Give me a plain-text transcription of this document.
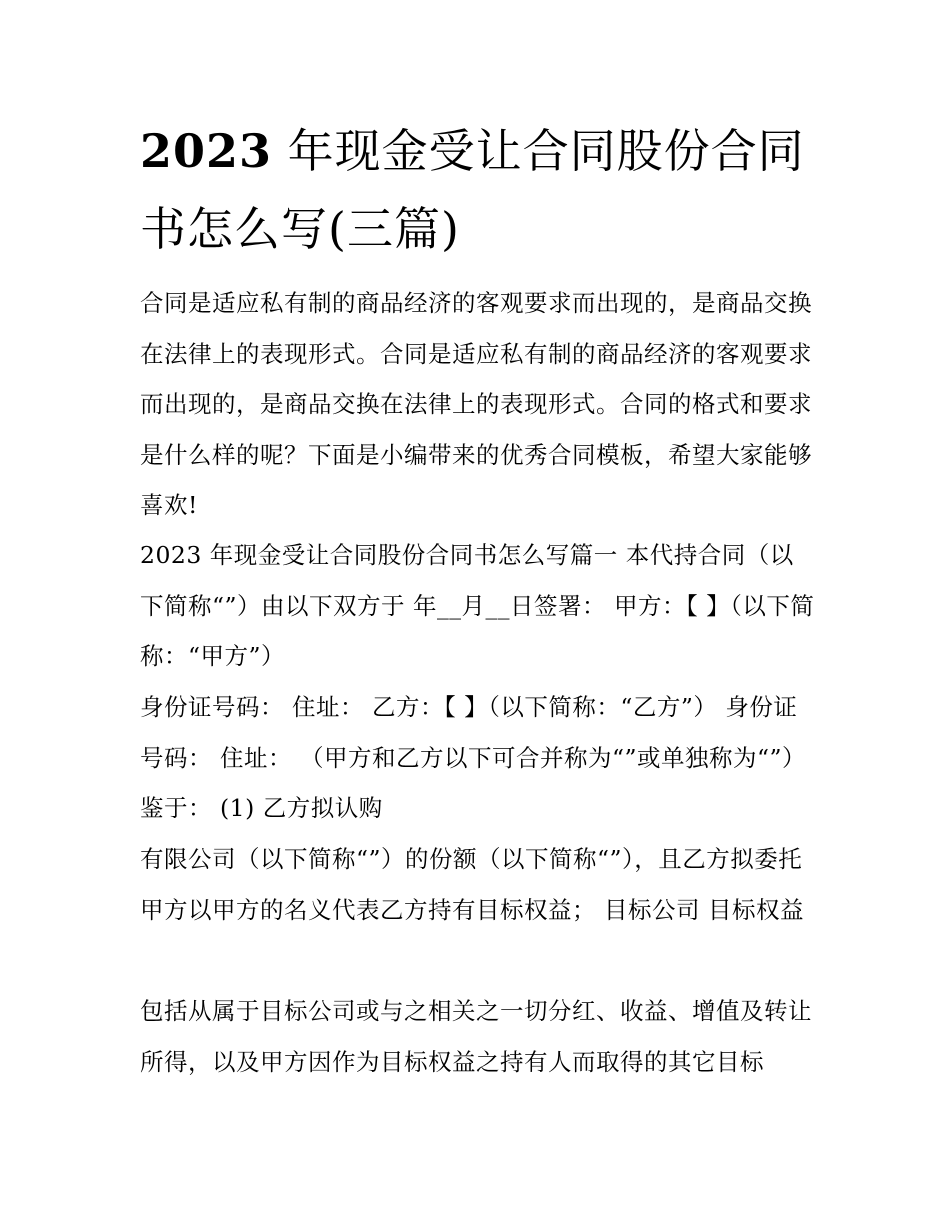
2023 年现金受让合同股份合同书怎么写(三篇)

合同是适应私有制的商品经济的客观要求而出现的，是商品交换在法律上的表现形式。合同是适应私有制的商品经济的客观要求而出现的，是商品交换在法律上的表现形式。合同的格式和要求是什么样的呢？下面是小编带来的优秀合同模板，希望大家能够喜欢!

2023 年现金受让合同股份合同书怎么写篇一 本代持合同（以下简称“”）由以下双方于 年__月__日签署： 甲方：【 】（以下简称：“甲方”）

身份证号码： 住址： 乙方：【 】（以下简称：“乙方”） 身份证号码： 住址： （甲方和乙方以下可合并称为“”或单独称为“”） 鉴于： (1) 乙方拟认购

有限公司（以下简称“”）的份额（以下简称“”），且乙方拟委托甲方以甲方的名义代表乙方持有目标权益； 目标公司 目标权益

包括从属于目标公司或与之相关之一切分红、收益、增值及转让所得，以及甲方因作为目标权益之持有人而取得的其它目标
